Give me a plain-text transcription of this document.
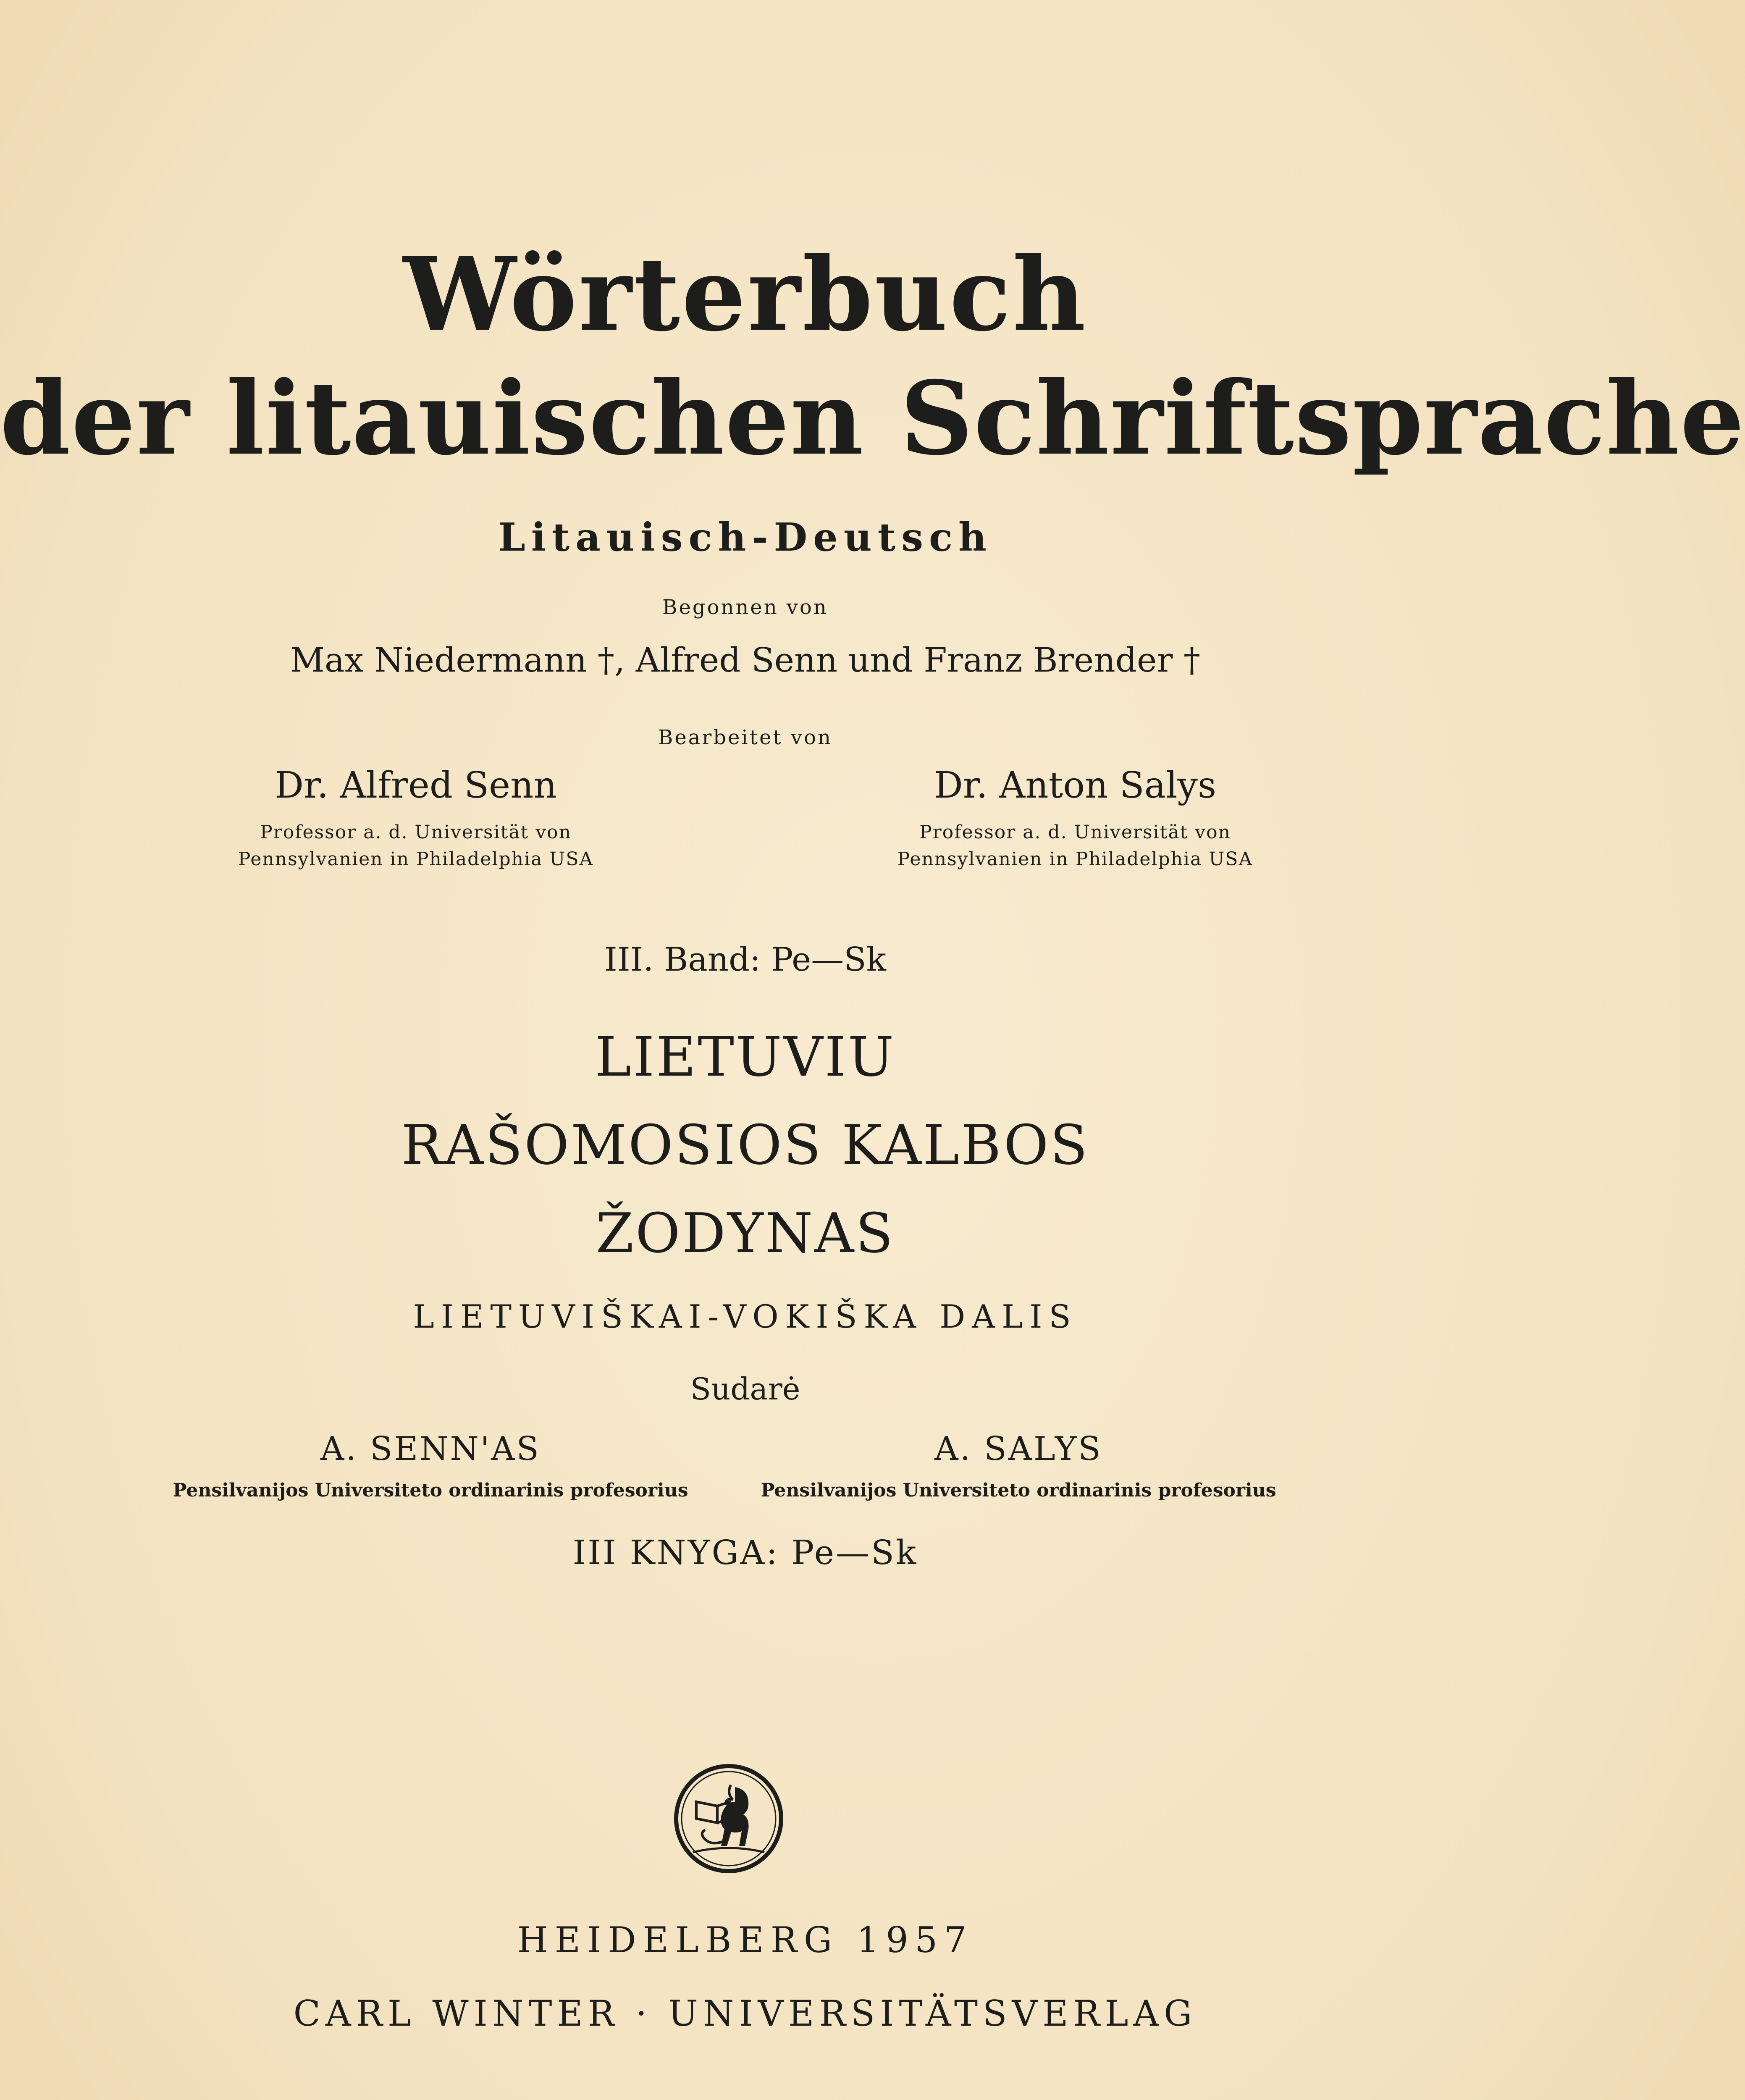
Wörterbuch
der litauischen Schriftsprache
Litauisch-Deutsch
Begonnen von
Max Niedermann †, Alfred Senn und Franz Brender †
Bearbeitet von
Dr. Alfred Senn
Professor a. d. Universität von
Pennsylvanien in Philadelphia USA
Dr. Anton Salys
Professor a. d. Universität von
Pennsylvanien in Philadelphia USA
III. Band: Pe—Sk
LIETUVIU
RAŠOMOSIOS KALBOS
ŽODYNAS
LIETUVIŠKAI-VOKIŠKA DALIS
Sudarė
A. SENN'AS
Pensilvanijos Universiteto ordinarinis profesorius
A. SALYS
Pensilvanijos Universiteto ordinarinis profesorius
III KNYGA: Pe—Sk
HEIDELBERG 1957
CARL WINTER · UNIVERSITÄTSVERLAG
